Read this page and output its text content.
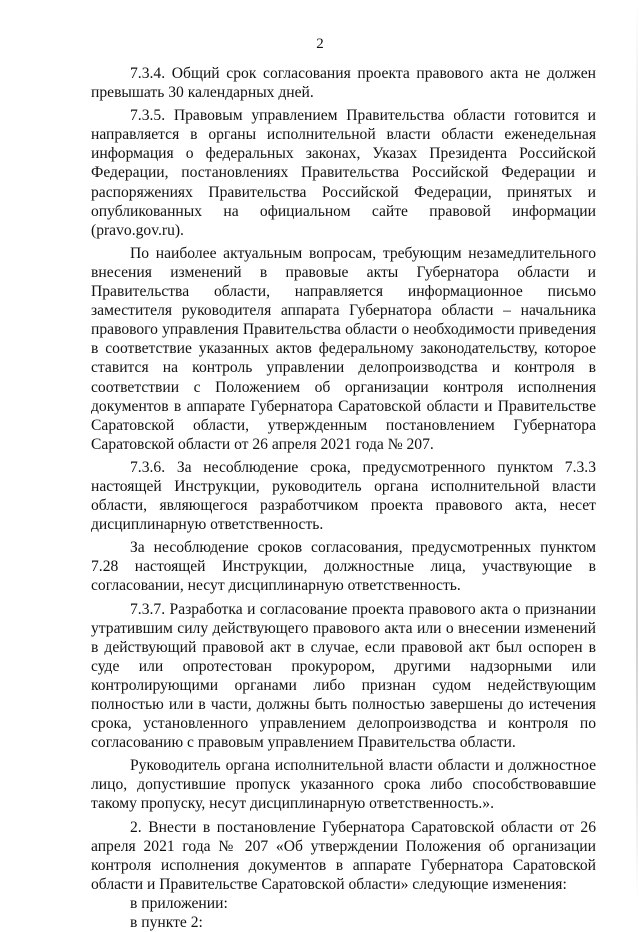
2

7.3.4. Общий срок согласования проекта правового акта не должен превышать 30 календарных дней.

7.3.5. Правовым управлением Правительства области готовится и направляется в органы исполнительной власти области еженедельная информация о федеральных законах, Указах Президента Российской Федерации, постановлениях Правительства Российской Федерации и распоряжениях Правительства Российской Федерации, принятых и опубликованных на официальном сайте правовой информации (pravo.gov.ru).

По наиболее актуальным вопросам, требующим незамедлительного внесения изменений в правовые акты Губернатора области и Правительства области, направляется информационное письмо заместителя руководителя аппарата Губернатора области – начальника правового управления Правительства области о необходимости приведения в соответствие указанных актов федеральному законодательству, которое ставится на контроль управлении делопроизводства и контроля в соответствии с Положением об организации контроля исполнения документов в аппарате Губернатора Саратовской области и Правительстве Саратовской области, утвержденным постановлением Губернатора Саратовской области от 26 апреля 2021 года № 207.

7.3.6. За несоблюдение срока, предусмотренного пунктом 7.3.3 настоящей Инструкции, руководитель органа исполнительной власти области, являющегося разработчиком проекта правового акта, несет дисциплинарную ответственность.

За несоблюдение сроков согласования, предусмотренных пунктом 7.28 настоящей Инструкции, должностные лица, участвующие в согласовании, несут дисциплинарную ответственность.

7.3.7. Разработка и согласование проекта правового акта о признании утратившим силу действующего правового акта или о внесении изменений в действующий правовой акт в случае, если правовой акт был оспорен в суде или опротестован прокурором, другими надзорными или контролирующими органами либо признан судом недействующим полностью или в части, должны быть полностью завершены до истечения срока, установленного управлением делопроизводства и контроля по согласованию с правовым управлением Правительства области.

Руководитель органа исполнительной власти области и должностное лицо, допустившие пропуск указанного срока либо способствовавшие такому пропуску, несут дисциплинарную ответственность.».

2. Внести в постановление Губернатора Саратовской области от 26 апреля 2021 года № 207 «Об утверждении Положения об организации контроля исполнения документов в аппарате Губернатора Саратовской области и Правительстве Саратовской области» следующие изменения:

в приложении:

в пункте 2:
